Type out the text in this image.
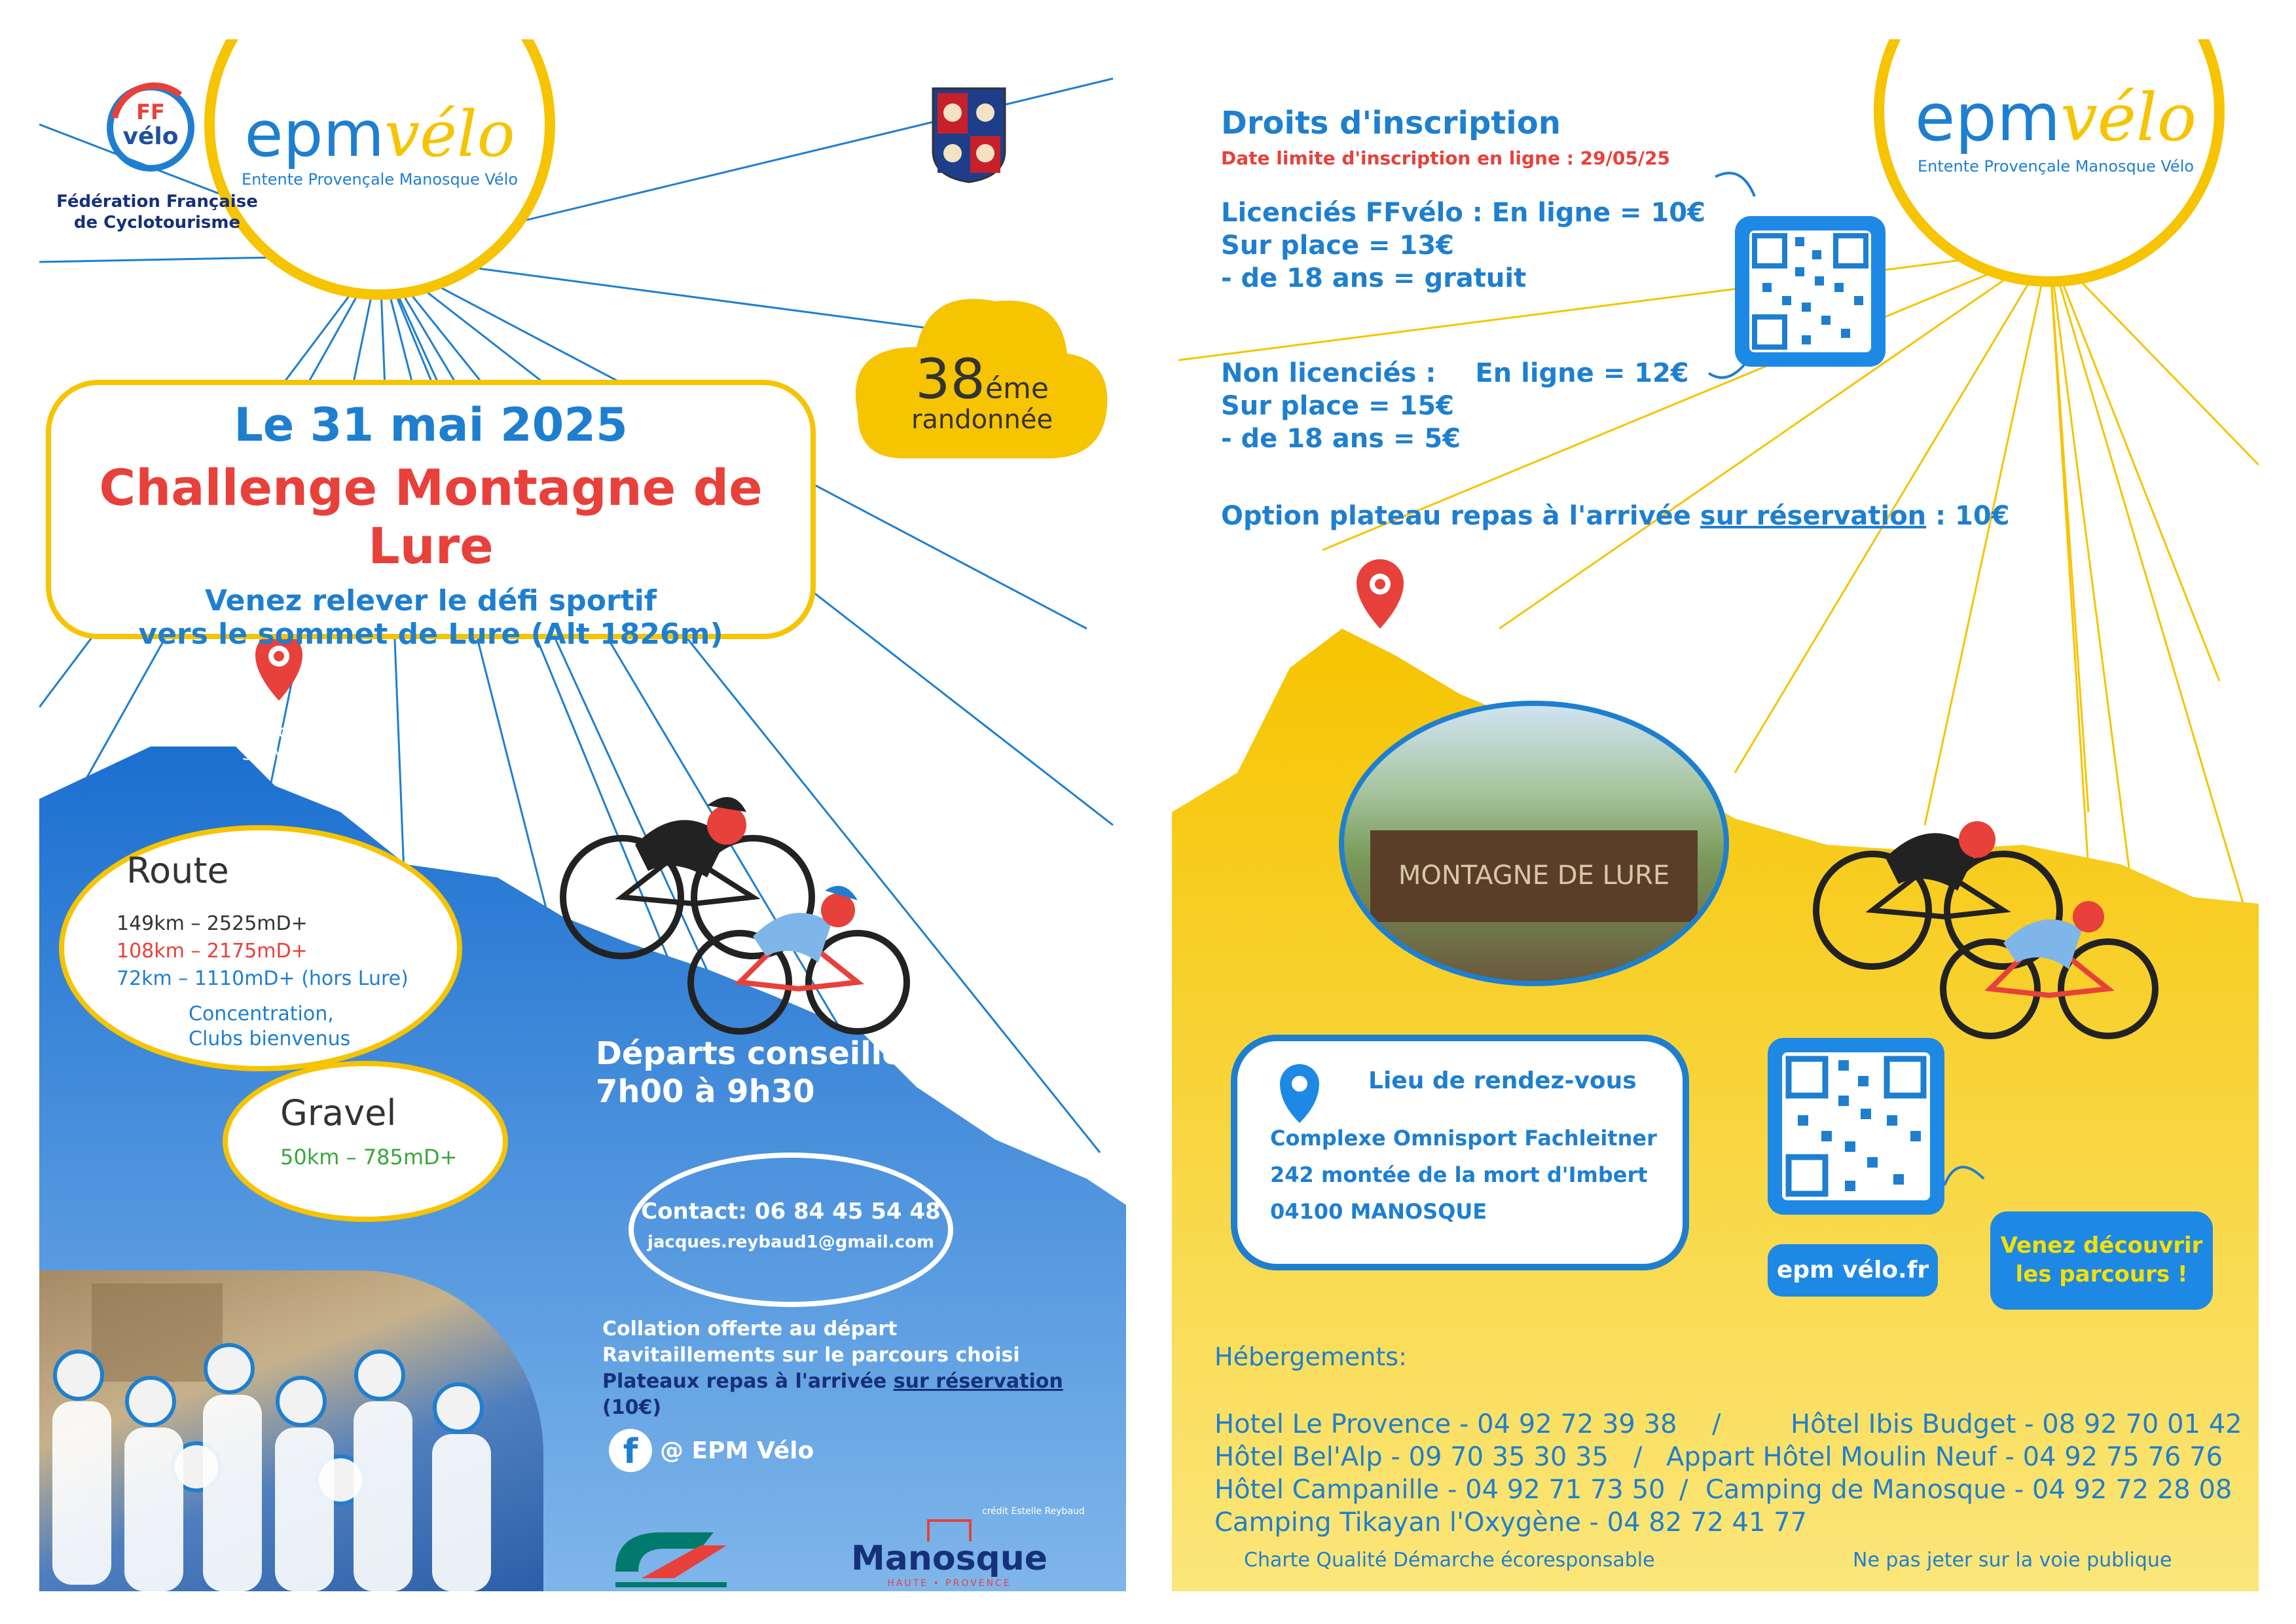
FF
vélo
Fédération Française
de Cyclotourisme
epmvélo
Entente Provençale Manosque Vélo
38éme
randonnée
Le 31 mai 2025
Challenge Montagne de Lure
Venez relever le défi sportif
vers le sommet de Lure (Alt 1826m)
photo
souvenir
Route
149km – 2525mD+
108km – 2175mD+
72km – 1110mD+ (hors Lure)
Concentration,
Clubs bienvenus
Gravel
50km – 785mD+
Départs conseillés :
7h00 à 9h30
Contact: 06 84 45 54 48
jacques.reybaud1@gmail.com
Collation offerte au départ
Ravitaillements sur le parcours choisi
Plateaux repas à l'arrivée sur réservation (10€)
f @ EPM Vélo
crédit Estelle Reybaud
Manosque
HAUTE • PROVENCE
Droits d'inscription
Date limite d'inscription en ligne : 29/05/25
Licenciés FFvélo : En ligne = 10€
Sur place = 13€
- de 18 ans = gratuit
Non licenciés : En ligne = 12€
Sur place = 15€
- de 18 ans = 5€
Option plateau repas à l'arrivée sur réservation : 10€
epmvélo
Entente Provençale Manosque Vélo
MONTAGNE DE LURE
Lieu de rendez-vous
Complexe Omnisport Fachleitner
242 montée de la mort d'Imbert
04100 MANOSQUE
epm vélo.fr
Venez découvrir
les parcours !
Hébergements:
Hotel Le Provence - 04 92 72 39 38 /	Hôtel Ibis Budget - 08 92 70 01 42
Hôtel Bel'Alp - 09 70 35 30 35 / Appart Hôtel Moulin Neuf - 04 92 75 76 76
Hôtel Campanille - 04 92 71 73 50 / Camping de Manosque - 04 92 72 28 08
Camping Tikayan l'Oxygène - 04 82 72 41 77
Charte Qualité Démarche écoresponsable	Ne pas jeter sur la voie publique
